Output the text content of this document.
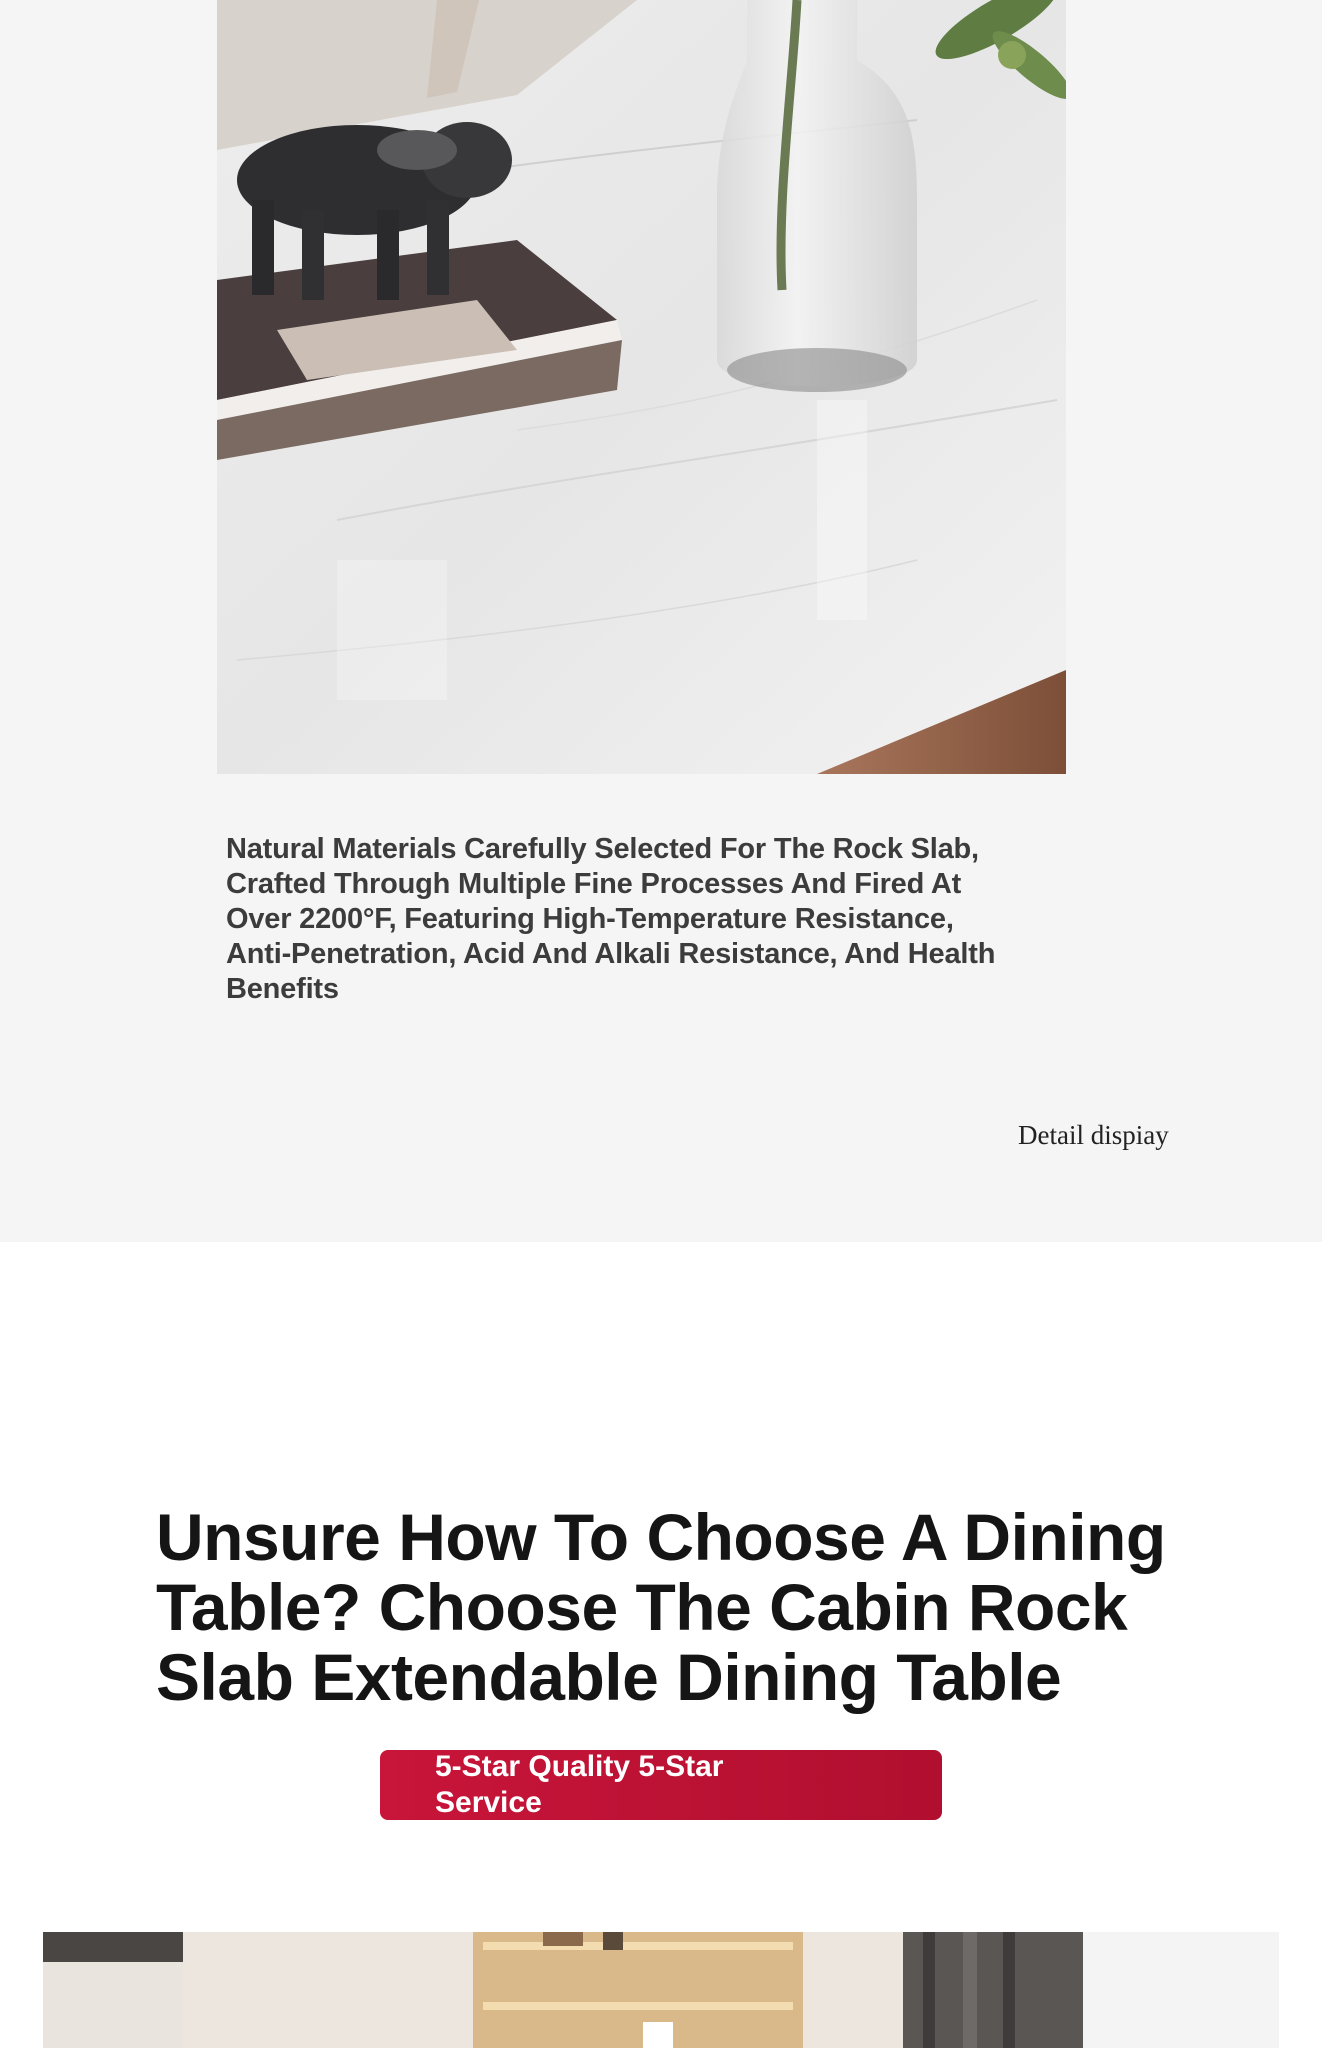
Natural Materials Carefully Selected For The Rock Slab, Crafted Through Multiple Fine Processes And Fired At Over 2200°F, Featuring High-Temperature Resistance, Anti-Penetration, Acid And Alkali Resistance, And Health Benefits

Detail dispiay

Unsure How To Choose A Dining Table? Choose The Cabin Rock Slab Extendable Dining Table
5-Star Quality 5-Star Service
